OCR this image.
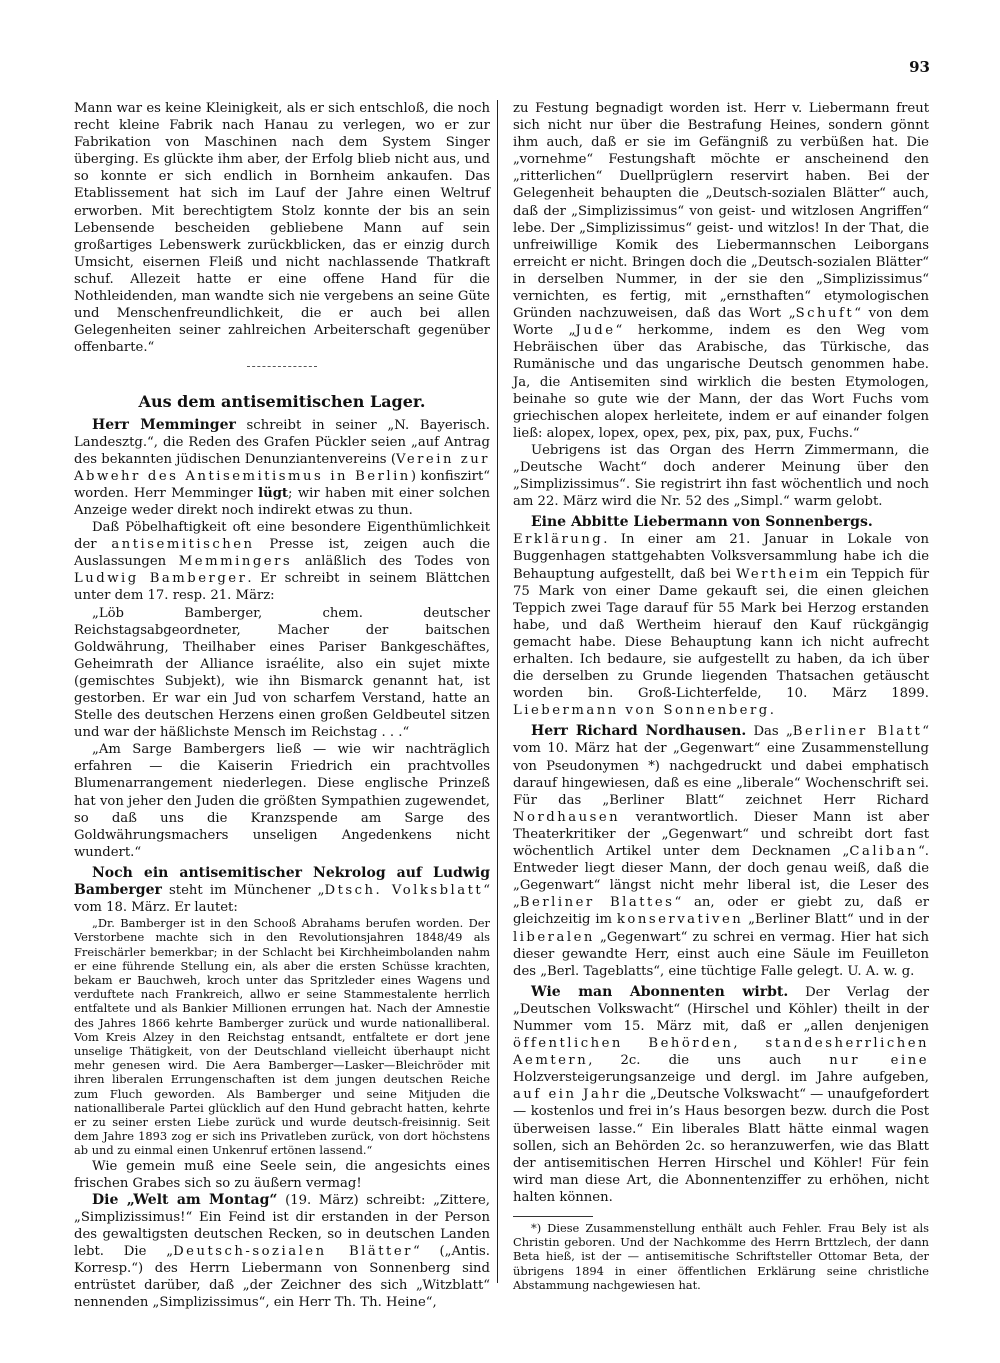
93

Mann war es keine Kleinigkeit, als er sich entschloß, die noch recht kleine Fabrik nach Hanau zu verlegen, wo er zur Fabrikation von Maschinen nach dem System Singer überging. Es glückte ihm aber, der Erfolg blieb nicht aus, und so konnte er sich endlich in Bornheim ankaufen. Das Etablissement hat sich im Lauf der Jahre einen Weltruf erworben. Mit berechtigtem Stolz konnte der bis an sein Lebensende bescheiden gebliebene Mann auf sein großartiges Lebenswerk zurückblicken, das er einzig durch Umsicht, eisernen Fleiß und nicht nachlassende Thatkraft schuf. Allezeit hatte er eine offene Hand für die Nothleidenden, man wandte sich nie vergebens an seine Güte und Menschenfreundlichkeit, die er auch bei allen Gelegenheiten seiner zahlreichen Arbeiterschaft gegenüber offenbarte.“

Aus dem antisemitischen Lager.

Herr Memminger schreibt in seiner „N. Bayerisch. Landesztg.“, die Reden des Grafen Pückler seien „auf Antrag des bekannten jüdischen Denunziantenvereins (Verein zur Abwehr des Antisemitismus in Berlin) konfiszirt“ worden. Herr Memminger lügt; wir haben mit einer solchen Anzeige weder direkt noch indirekt etwas zu thun.

Daß Pöbelhaftigkeit oft eine besondere Eigenthümlichkeit der antisemitischen Presse ist, zeigen auch die Auslassungen Memmingers anläßlich des Todes von Ludwig Bamberger. Er schreibt in seinem Blättchen unter dem 17. resp. 21. März:

„Löb Bamberger, chem. deutscher Reichstagsabgeordneter, Macher der baitschen Goldwährung, Theilhaber eines Pariser Bankgeschäftes, Geheimrath der Alliance israélite, also ein sujet mixte (gemischtes Subjekt), wie ihn Bismarck genannt hat, ist gestorben. Er war ein Jud von scharfem Verstand, hatte an Stelle des deutschen Herzens einen großen Geldbeutel sitzen und war der häßlichste Mensch im Reichstag . . .“

„Am Sarge Bambergers ließ — wie wir nachträglich erfahren — die Kaiserin Friedrich ein prachtvolles Blumenarrangement niederlegen. Diese englische Prinzeß hat von jeher den Juden die größten Sympathien zugewendet, so daß uns die Kranzspende am Sarge des Goldwährungsmachers unseligen Angedenkens nicht wundert.“

Noch ein antisemitischer Nekrolog auf Ludwig Bamberger steht im Münchener „Dtsch. Volksblatt“ vom 18. März. Er lautet:

„Dr. Bamberger ist in den Schooß Abrahams berufen worden. Der Verstorbene machte sich in den Revolutionsjahren 1848/49 als Freischärler bemerkbar; in der Schlacht bei Kirchheimbolanden nahm er eine führende Stellung ein, als aber die ersten Schüsse krachten, bekam er Bauchweh, kroch unter das Spritzleder eines Wagens und verduftete nach Frankreich, allwo er seine Stammestalente herrlich entfaltete und als Bankier Millionen errungen hat. Nach der Amnestie des Jahres 1866 kehrte Bamberger zurück und wurde nationalliberal. Vom Kreis Alzey in den Reichstag entsandt, entfaltete er dort jene unselige Thätigkeit, von der Deutschland vielleicht überhaupt nicht mehr genesen wird. Die Aera Bamberger—Lasker—Bleichröder mit ihren liberalen Errungenschaften ist dem jungen deutschen Reiche zum Fluch geworden. Als Bamberger und seine Mitjuden die nationalliberale Partei glücklich auf den Hund gebracht hatten, kehrte er zu seiner ersten Liebe zurück und wurde deutsch-freisinnig. Seit dem Jahre 1893 zog er sich ins Privatleben zurück, von dort höchstens ab und zu einmal einen Unkenruf ertönen lassend.“

Wie gemein muß eine Seele sein, die angesichts eines frischen Grabes sich so zu äußern vermag!

Die „Welt am Montag“ (19. März) schreibt: „Zittere, „Simplizissimus!“ Ein Feind ist dir erstanden in der Person des gewaltigsten deutschen Recken, so in deutschen Landen lebt. Die „Deutsch-sozialen Blätter“ („Antis. Korresp.“) des Herrn Liebermann von Sonnenberg sind entrüstet darüber, daß „der Zeichner des sich „Witzblatt“ nennenden „Simplizissimus“, ein Herr Th. Th. Heine“,

zu Festung begnadigt worden ist. Herr v. Liebermann freut sich nicht nur über die Bestrafung Heines, sondern gönnt ihm auch, daß er sie im Gefängniß zu verbüßen hat. Die „vornehme“ Festungshaft möchte er anscheinend den „ritterlichen“ Duellprüglern reservirt haben. Bei der Gelegenheit behaupten die „Deutsch-sozialen Blätter“ auch, daß der „Simplizissimus“ von geist- und witzlosen Angriffen“ lebe. Der „Simplizissimus“ geist- und witzlos! In der That, die unfreiwillige Komik des Liebermannschen Leiborgans erreicht er nicht. Bringen doch die „Deutsch-sozialen Blätter“ in derselben Nummer, in der sie den „Simplizissimus“ vernichten, es fertig, mit „ernsthaften“ etymologischen Gründen nachzuweisen, daß das Wort „Schuft“ von dem Worte „Jude“ herkomme, indem es den Weg vom Hebräischen über das Arabische, das Türkische, das Rumänische und das ungarische Deutsch genommen habe. Ja, die Antisemiten sind wirklich die besten Etymologen, beinahe so gute wie der Mann, der das Wort Fuchs vom griechischen alopex herleitete, indem er auf einander folgen ließ: alopex, lopex, opex, pex, pix, pax, pux, Fuchs.“

Uebrigens ist das Organ des Herrn Zimmermann, die „Deutsche Wacht“ doch anderer Meinung über den „Simplizissimus“. Sie registrirt ihn fast wöchentlich und noch am 22. März wird die Nr. 52 des „Simpl.“ warm gelobt.

Eine Abbitte Liebermann von Sonnenbergs.

Erklärung. In einer am 21. Januar in Lokale von Buggenhagen stattgehabten Volksversammlung habe ich die Behauptung aufgestellt, daß bei Wertheim ein Teppich für 75 Mark von einer Dame gekauft sei, die einen gleichen Teppich zwei Tage darauf für 55 Mark bei Herzog erstanden habe, und daß Wertheim hierauf den Kauf rückgängig gemacht habe. Diese Behauptung kann ich nicht aufrecht erhalten. Ich bedaure, sie aufgestellt zu haben, da ich über die derselben zu Grunde liegenden Thatsachen getäuscht worden bin. Groß-Lichterfelde, 10. März 1899. Liebermann von Sonnenberg.

Herr Richard Nordhausen. Das „Berliner Blatt“ vom 10. März hat der „Gegenwart“ eine Zusammenstellung von Pseudonymen *) nachgedruckt und dabei emphatisch darauf hingewiesen, daß es eine „liberale“ Wochenschrift sei. Für das „Berliner Blatt“ zeichnet Herr Richard Nordhausen verantwortlich. Dieser Mann ist aber Theaterkritiker der „Gegenwart“ und schreibt dort fast wöchentlich Artikel unter dem Decknamen „Caliban“. Entweder liegt dieser Mann, der doch genau weiß, daß die „Gegenwart“ längst nicht mehr liberal ist, die Leser des „Berliner Blattes“ an, oder er giebt zu, daß er gleichzeitig im konservativen „Berliner Blatt“ und in der liberalen „Gegenwart“ zu schrei en vermag. Hier hat sich dieser gewandte Herr, einst auch eine Säule im Feuilleton des „Berl. Tageblatts“, eine tüchtige Falle gelegt. U. A. w. g.

Wie man Abonnenten wirbt. Der Verlag der „Deutschen Volkswacht“ (Hirschel und Köhler) theilt in der Nummer vom 15. März mit, daß er „allen denjenigen öffentlichen Behörden, standesherrlichen Aemtern, 2c. die uns auch nur eine Holzversteigerungsanzeige und dergl. im Jahre aufgeben, auf ein Jahr die „Deutsche Volkswacht“ — unaufgefordert — kostenlos und frei in’s Haus besorgen bezw. durch die Post überweisen lasse.“ Ein liberales Blatt hätte einmal wagen sollen, sich an Behörden 2c. so heranzuwerfen, wie das Blatt der antisemitischen Herren Hirschel und Köhler! Für fein wird man diese Art, die Abonnentenziffer zu erhöhen, nicht halten können.

*) Diese Zusammenstellung enthält auch Fehler. Frau Bely ist als Christin geboren. Und der Nachkomme des Herrn Brttzlech, der dann Beta hieß, ist der — antisemitische Schriftsteller Ottomar Beta, der übrigens 1894 in einer öffentlichen Erklärung seine christliche Abstammung nachgewiesen hat.
